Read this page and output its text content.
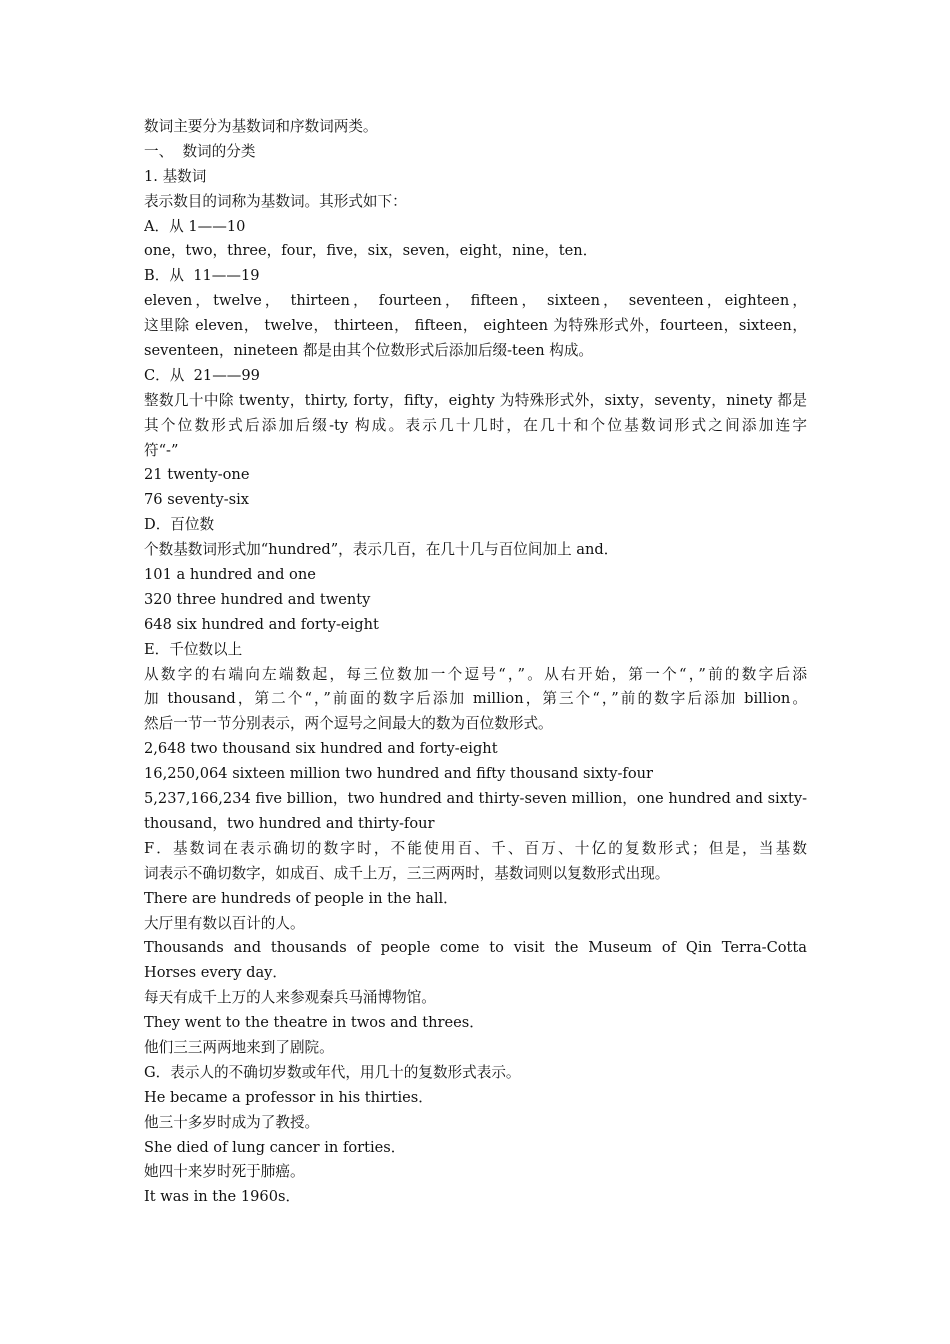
数词主要分为基数词和序数词两类。
一、  数词的分类
1. 基数词
表示数目的词称为基数词。其形式如下：
A．从 1——10
one，two，three，four，five，six，seven，eight，nine，ten．
B．从  11——19
eleven，twelve， thirteen， fourteen， fifteen， sixteen， seventeen，eighteen，
这里除 eleven， twelve， thirteen， fifteen， eighteen 为特殊形式外，fourteen，sixteen，
seventeen，nineteen 都是由其个位数形式后添加后缀-teen 构成。
C．从  21——99
整数几十中除 twenty，thirty, forty，fifty，eighty 为特殊形式外，sixty，seventy，ninety 都是
其个位数形式后添加后缀-ty 构成。表示几十几时，在几十和个位基数词形式之间添加连字
符“-”
21 twenty-one
76 seventy-six
D．百位数
个数基数词形式加“hundred”，表示几百，在几十几与百位间加上 and．
101 a hundred and one
320 three hundred and twenty
648 six hundred and forty-eight
E．千位数以上
从数字的右端向左端数起，每三位数加一个逗号“，”。从右开始，第一个“，”前的数字后添
加 thousand，第二个“，”前面的数字后添加 million，第三个“，”前的数字后添加 billion。
然后一节一节分别表示，两个逗号之间最大的数为百位数形式。
2,648 two thousand six hundred and forty-eight
16,250,064 sixteen million two hundred and fifty thousand sixty-four
5,237,166,234 five billion，two hundred and thirty-seven million，one hundred and sixty-
thousand，two hundred and thirty-four
F．基数词在表示确切的数字时，不能使用百、千、百万、十亿的复数形式；但是，当基数
词表示不确切数字，如成百、成千上万，三三两两时，基数词则以复数形式出现。
There are hundreds of people in the hall．
大厅里有数以百计的人。
Thousands and thousands of people come to visit the Museum of Qin Terra-Cotta
Horses every day．
每天有成千上万的人来参观秦兵马涌博物馆。
They went to the theatre in twos and threes．
他们三三两两地来到了剧院。
G．表示人的不确切岁数或年代，用几十的复数形式表示。
He became a professor in his thirties．
他三十多岁时成为了教授。
She died of lung cancer in forties．
她四十来岁时死于肺癌。
It was in the 1960s．
